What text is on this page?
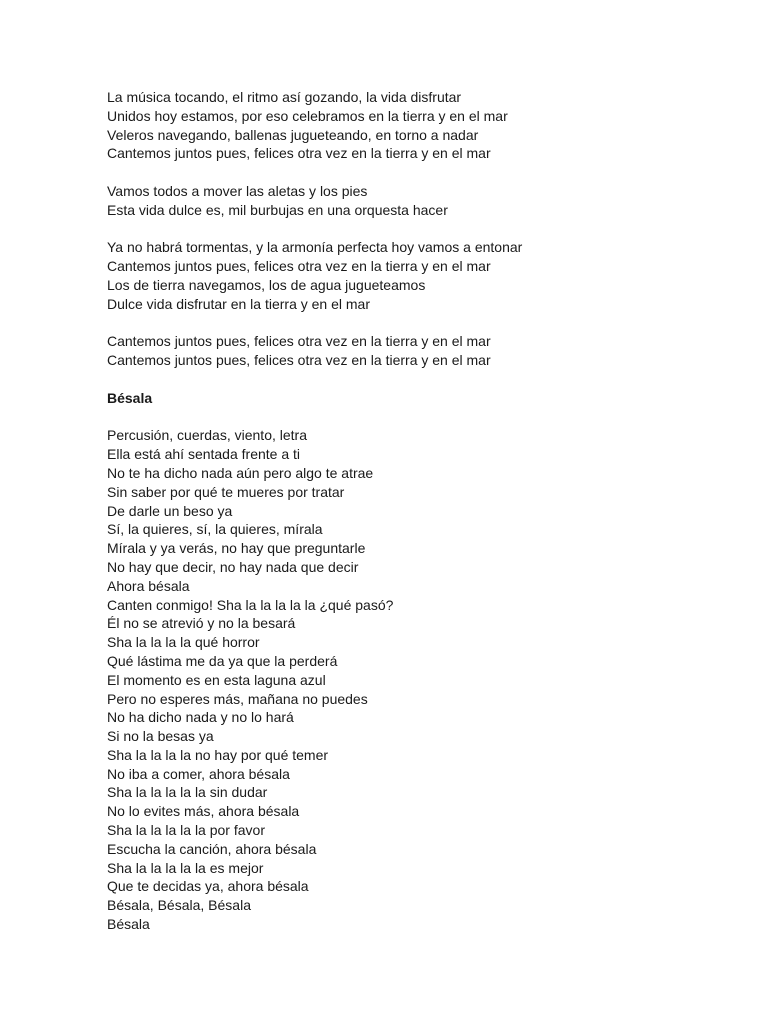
La música tocando, el ritmo así gozando, la vida disfrutar
Unidos hoy estamos, por eso celebramos en la tierra y en el mar
Veleros navegando, ballenas jugueteando, en torno a nadar
Cantemos juntos pues, felices otra vez en la tierra y en el mar
Vamos todos a mover las aletas y los pies
Esta vida dulce es, mil burbujas en una orquesta hacer
Ya no habrá tormentas, y la armonía perfecta hoy vamos a entonar
Cantemos juntos pues, felices otra vez en la tierra y en el mar
Los de tierra navegamos, los de agua jugueteamos
Dulce vida disfrutar en la tierra y en el mar
Cantemos juntos pues, felices otra vez en la tierra y en el mar
Cantemos juntos pues, felices otra vez en la tierra y en el mar
Bésala
Percusión, cuerdas, viento, letra
Ella está ahí sentada frente a ti
No te ha dicho nada aún pero algo te atrae
Sin saber por qué te mueres por tratar
De darle un beso ya
Sí, la quieres, sí, la quieres, mírala
Mírala y ya verás, no hay que preguntarle
No hay que decir, no hay nada que decir
Ahora bésala
Canten conmigo! Sha la la la la la ¿qué pasó?
Él no se atrevió y no la besará
Sha la la la la qué horror
Qué lástima me da ya que la perderá
El momento es en esta laguna azul
Pero no esperes más, mañana no puedes
No ha dicho nada y no lo hará
Si no la besas ya
Sha la la la la no hay por qué temer
No iba a comer, ahora bésala
Sha la la la la la sin dudar
No lo evites más, ahora bésala
Sha la la la la la por favor
Escucha la canción, ahora bésala
Sha la la la la la es mejor
Que te decidas ya, ahora bésala
Bésala, Bésala, Bésala
Bésala
